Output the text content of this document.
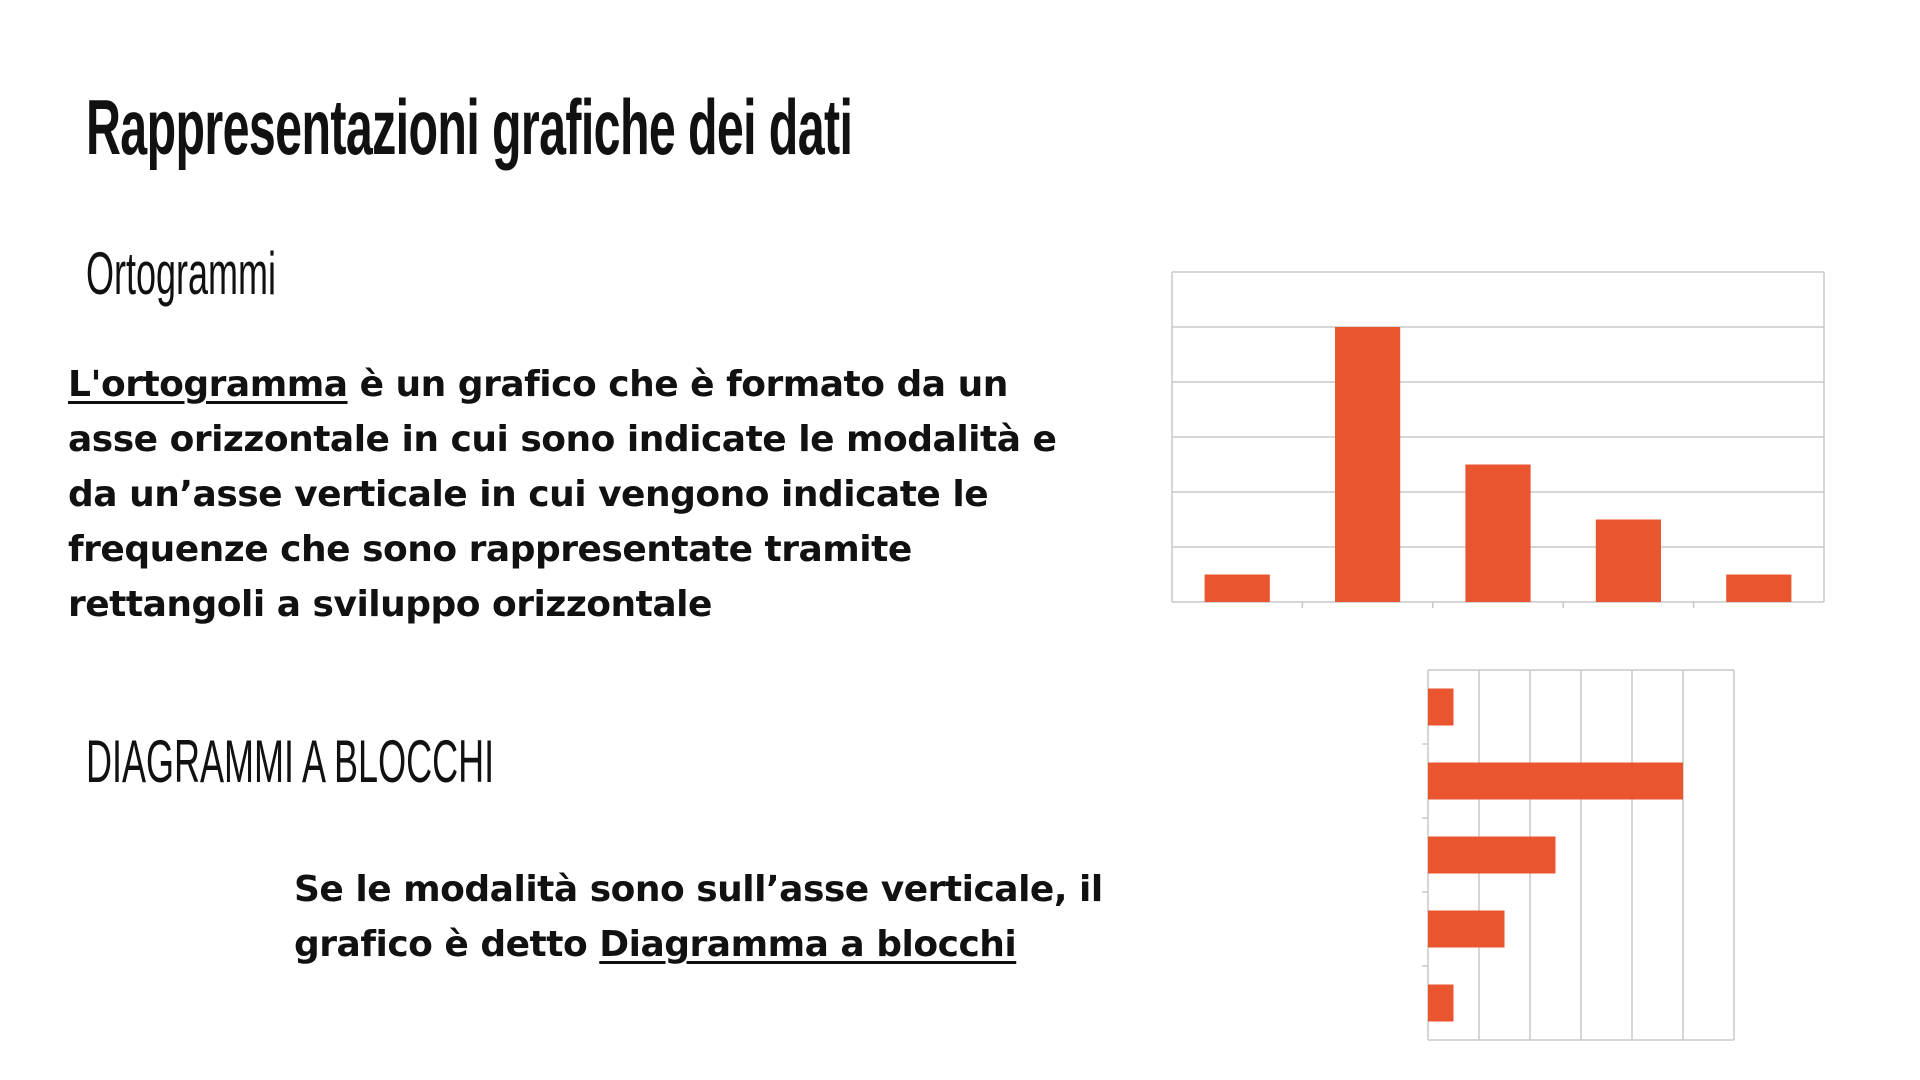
Rappresentazioni grafiche dei dati
Ortogrammi

L'ortogramma è un grafico che è formato da un
asse orizzontale in cui sono indicate le modalità e
da un’asse verticale in cui vengono indicate le
frequenze che sono rappresentate tramite
rettangoli a sviluppo orizzontale

DIAGRAMMI A BLOCCHI

Se le modalità sono sull’asse verticale, il
grafico è detto Diagramma a blocchi
